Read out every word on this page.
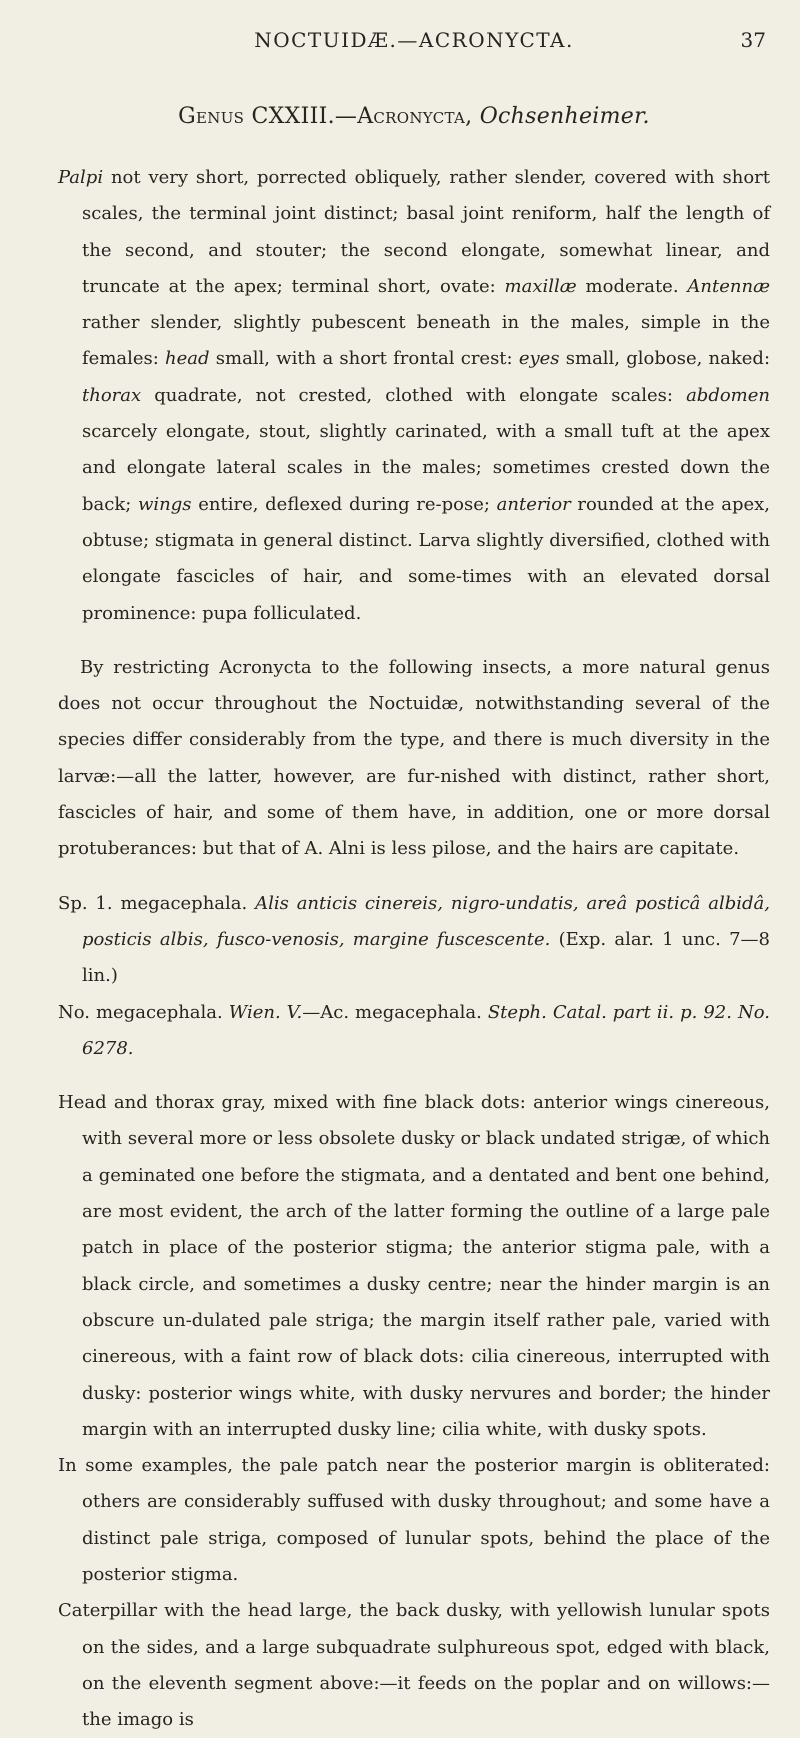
NOCTUIDÆ.—ACRONYCTA.	37
Genus CXXIII.—Acronycta, Ochsenheimer.

Palpi not very short, porrected obliquely, rather slender, covered with short scales, the terminal joint distinct; basal joint reniform, half the length of the second, and stouter; the second elongate, somewhat linear, and truncate at the apex; terminal short, ovate: maxillæ moderate. Antennæ rather slender, slightly pubescent beneath in the males, simple in the females: head small, with a short frontal crest: eyes small, globose, naked: thorax quadrate, not crested, clothed with elongate scales: abdomen scarcely elongate, stout, slightly carinated, with a small tuft at the apex and elongate lateral scales in the males; sometimes crested down the back; wings entire, deflexed during re-pose; anterior rounded at the apex, obtuse; stigmata in general distinct. Larva slightly diversified, clothed with elongate fascicles of hair, and some-times with an elevated dorsal prominence: pupa folliculated.

By restricting Acronycta to the following insects, a more natural genus does not occur throughout the Noctuidæ, notwithstanding several of the species differ considerably from the type, and there is much diversity in the larvæ:—all the latter, however, are fur-nished with distinct, rather short, fascicles of hair, and some of them have, in addition, one or more dorsal protuberances: but that of A. Alni is less pilose, and the hairs are capitate.

Sp. 1. megacephala. Alis anticis cinereis, nigro-undatis, areâ posticâ albidâ, posticis albis, fusco-venosis, margine fuscescente. (Exp. alar. 1 unc. 7—8 lin.)

No. megacephala. Wien. V.—Ac. megacephala. Steph. Catal. part ii. p. 92. No. 6278.

Head and thorax gray, mixed with fine black dots: anterior wings cinereous, with several more or less obsolete dusky or black undated strigæ, of which a geminated one before the stigmata, and a dentated and bent one behind, are most evident, the arch of the latter forming the outline of a large pale patch in place of the posterior stigma; the anterior stigma pale, with a black circle, and sometimes a dusky centre; near the hinder margin is an obscure un-dulated pale striga; the margin itself rather pale, varied with cinereous, with a faint row of black dots: cilia cinereous, interrupted with dusky: posterior wings white, with dusky nervures and border; the hinder margin with an interrupted dusky line; cilia white, with dusky spots.

In some examples, the pale patch near the posterior margin is obliterated: others are considerably suffused with dusky throughout; and some have a distinct pale striga, composed of lunular spots, behind the place of the posterior stigma.

Caterpillar with the head large, the back dusky, with yellowish lunular spots on the sides, and a large subquadrate sulphureous spot, edged with black, on the eleventh segment above:—it feeds on the poplar and on willows:—the imago is
